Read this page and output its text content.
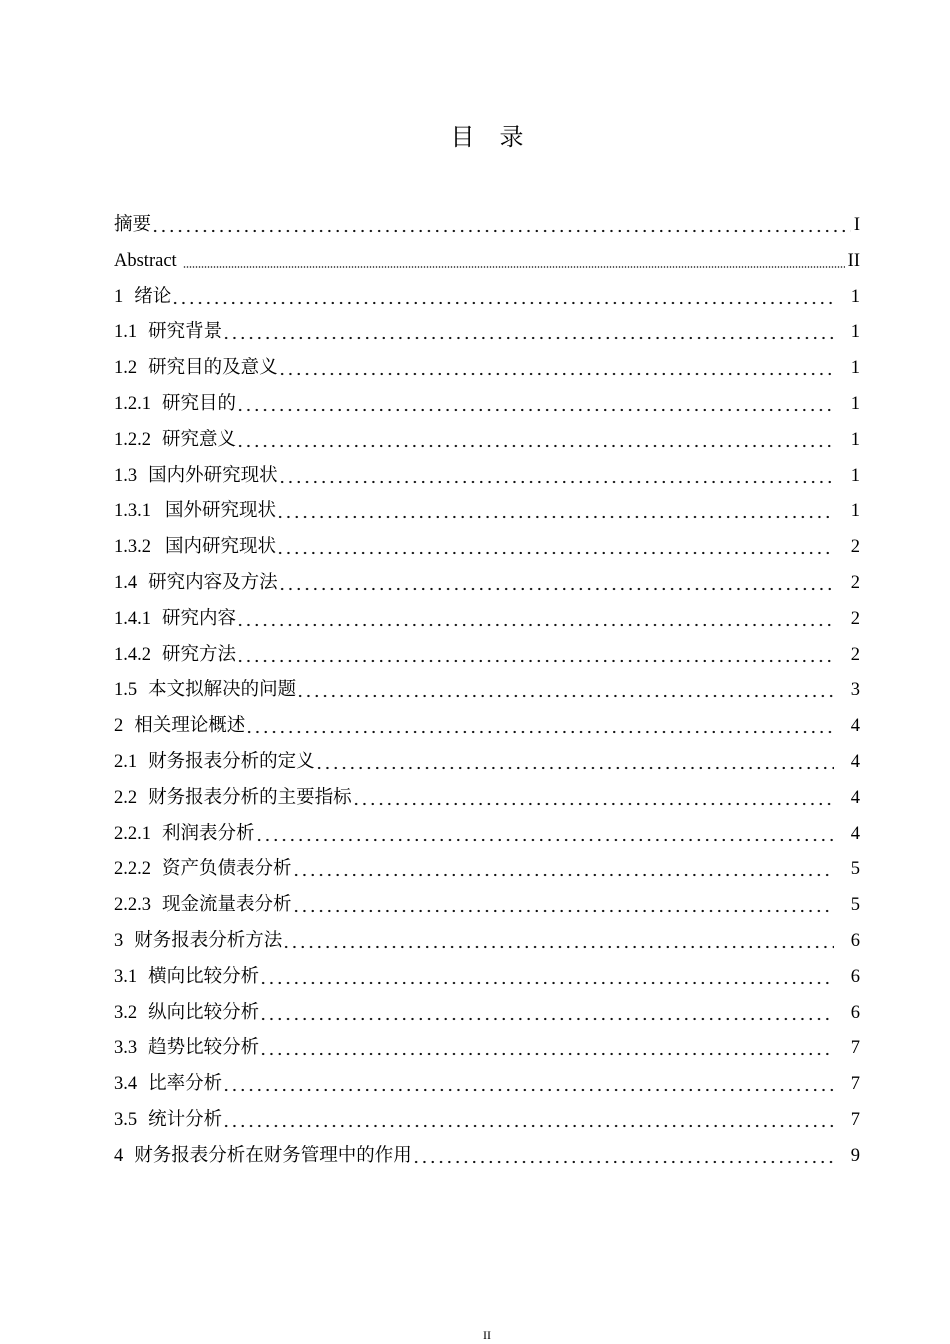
目 录
摘要	I
Abstract	II
1 绪论	1
1.1 研究背景	1
1.2 研究目的及意义	1
1.2.1 研究目的	1
1.2.2 研究意义	1
1.3 国内外研究现状	1
1.3.1 国外研究现状	1
1.3.2 国内研究现状	2
1.4 研究内容及方法	2
1.4.1 研究内容	2
1.4.2 研究方法	2
1.5 本文拟解决的问题	3
2 相关理论概述	4
2.1 财务报表分析的定义	4
2.2 财务报表分析的主要指标	4
2.2.1 利润表分析	4
2.2.2 资产负债表分析	5
2.2.3 现金流量表分析	5
3 财务报表分析方法	6
3.1 横向比较分析	6
3.2 纵向比较分析	6
3.3 趋势比较分析	7
3.4 比率分析	7
3.5 统计分析	7
4 财务报表分析在财务管理中的作用	9
II
